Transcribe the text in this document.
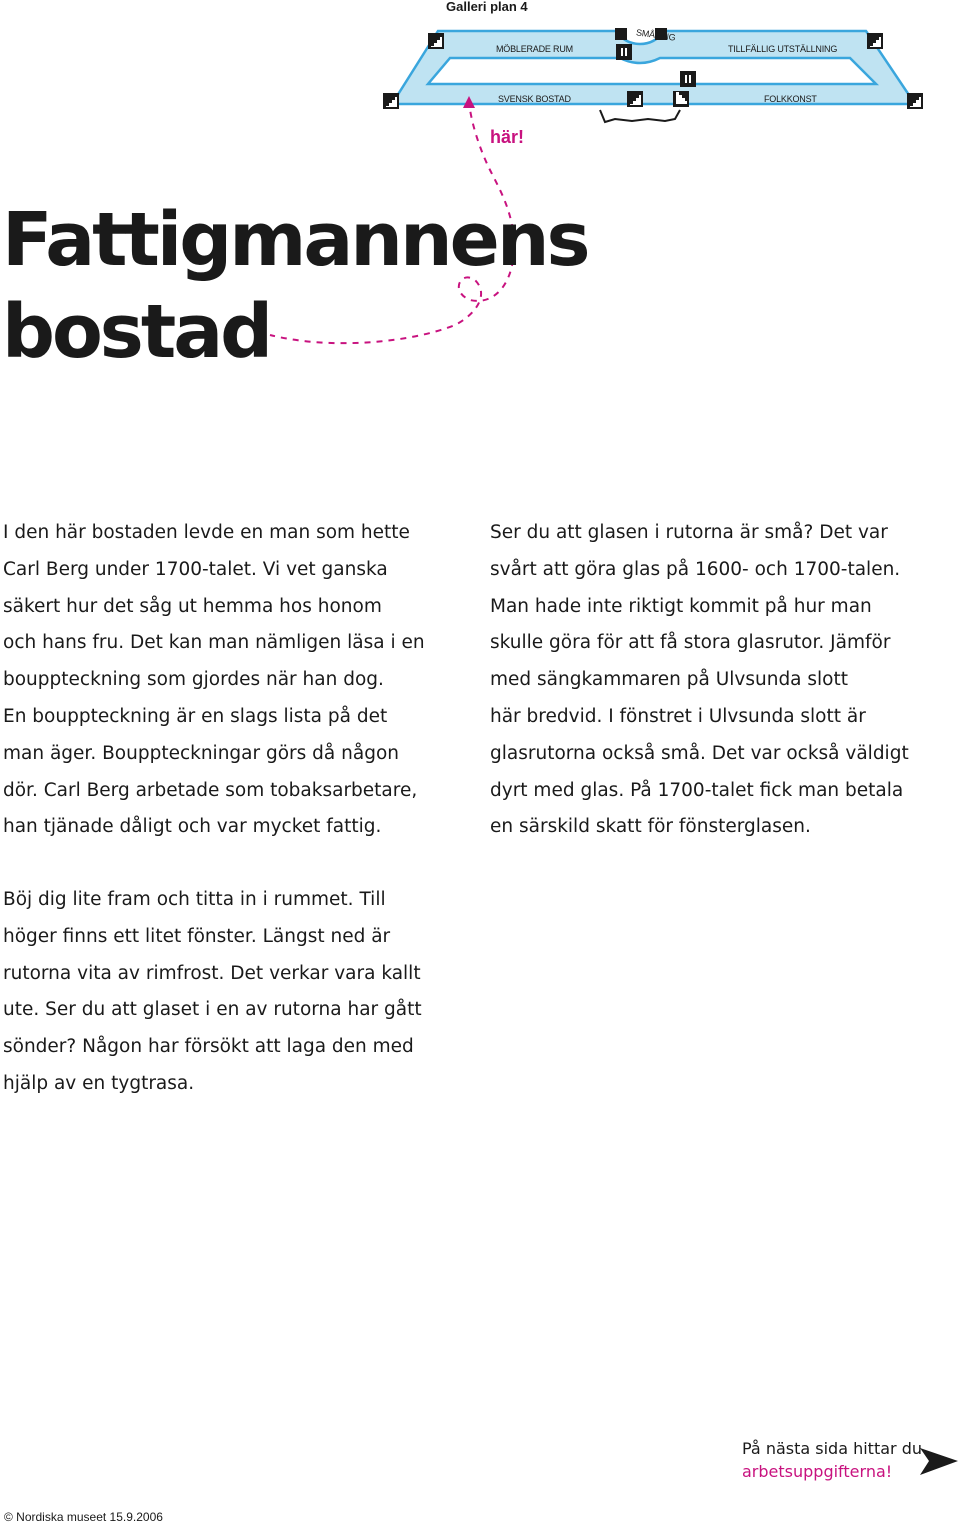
Galleri plan 4
MÖBLERADE RUM
SMÅTING
TILLFÄLLIG UTSTÄLLNING
SVENSK BOSTAD	FOLKKONST
här!
Fattigmannens
bostad
I den här bostaden levde en man som hette
Carl Berg under 1700-talet. Vi vet ganska
säkert hur det såg ut hemma hos honom
och hans fru. Det kan man nämligen läsa i en
bouppteckning som gjordes när han dog.
En bouppteckning är en slags lista på det
man äger. Bouppteckningar görs då någon
dör. Carl Berg arbetade som tobaksarbetare,
han tjänade dåligt och var mycket fattig.
Ser du att glasen i rutorna är små? Det var
svårt att göra glas på 1600- och 1700-talen.
Man hade inte riktigt kommit på hur man
skulle göra för att få stora glasrutor. Jämför
med sängkammaren på Ulvsunda slott
här bredvid. I fönstret i Ulvsunda slott är
glasrutorna också små. Det var också väldigt
dyrt med glas. På 1700-talet fick man betala
en särskild skatt för fönsterglasen.
Böj dig lite fram och titta in i rummet. Till
höger finns ett litet fönster. Längst ned är
rutorna vita av rimfrost. Det verkar vara kallt
ute. Ser du att glaset i en av rutorna har gått
sönder? Någon har försökt att laga den med
hjälp av en tygtrasa.
På nästa sida hittar du
arbetsuppgifterna!
© Nordiska museet 15.9.2006
